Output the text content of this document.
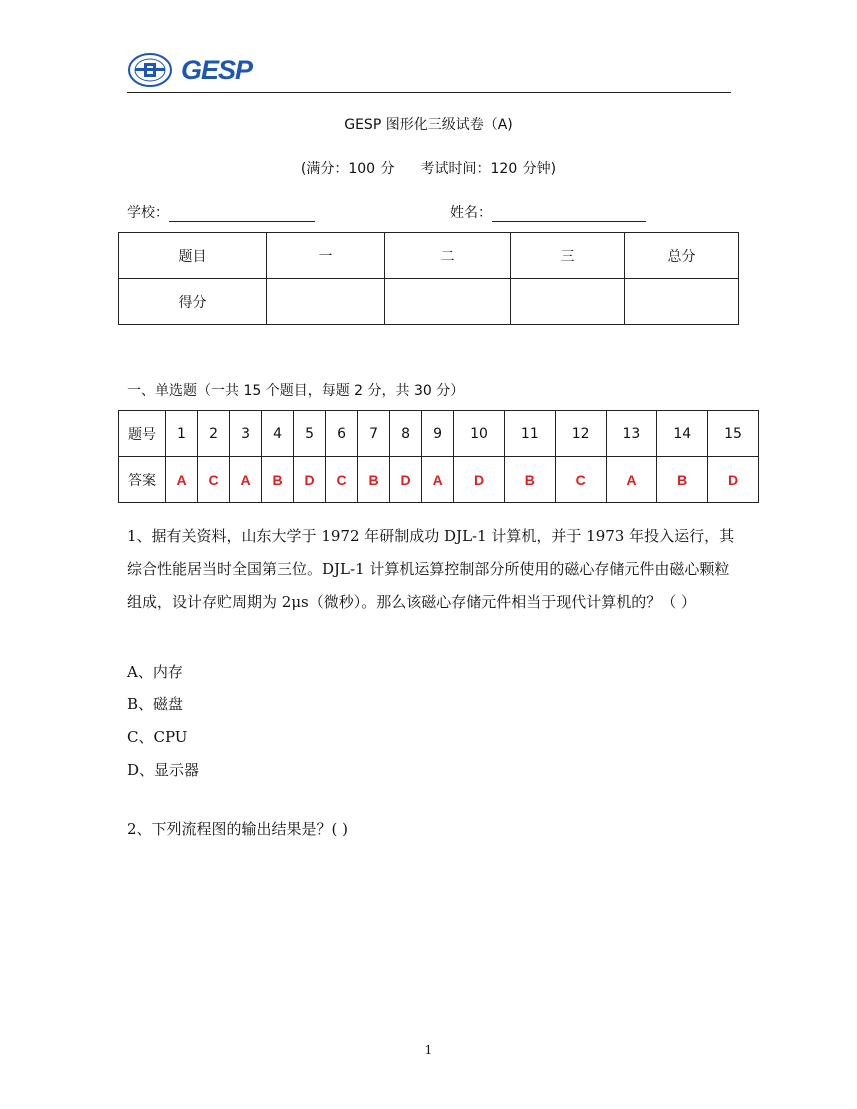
GESP
GESP 图形化三级试卷（A)
(满分：100 分 考试时间：120 分钟)
学校：	姓名：
题目	一	二	三	总分
得分				
一、单选题（一共 15 个题目，每题 2 分，共 30 分）
题号	1	2	3	4	5	6	7	8	9	10	11	12	13	14	15
答案	A	C	A	B	D	C	B	D	A	D	B	C	A	B	D
1、据有关资料，山东大学于 1972 年研制成功 DJL-1 计算机，并于 1973 年投入运行，其综合性能居当时全国第三位。DJL-1 计算机运算控制部分所使用的磁心存储元件由磁心颗粒组成，设计存贮周期为 2μs（微秒）。那么该磁心存储元件相当于现代计算机的？（ ）
A、内存
B、磁盘
C、CPU
D、显示器
2、下列流程图的输出结果是？( )
1
